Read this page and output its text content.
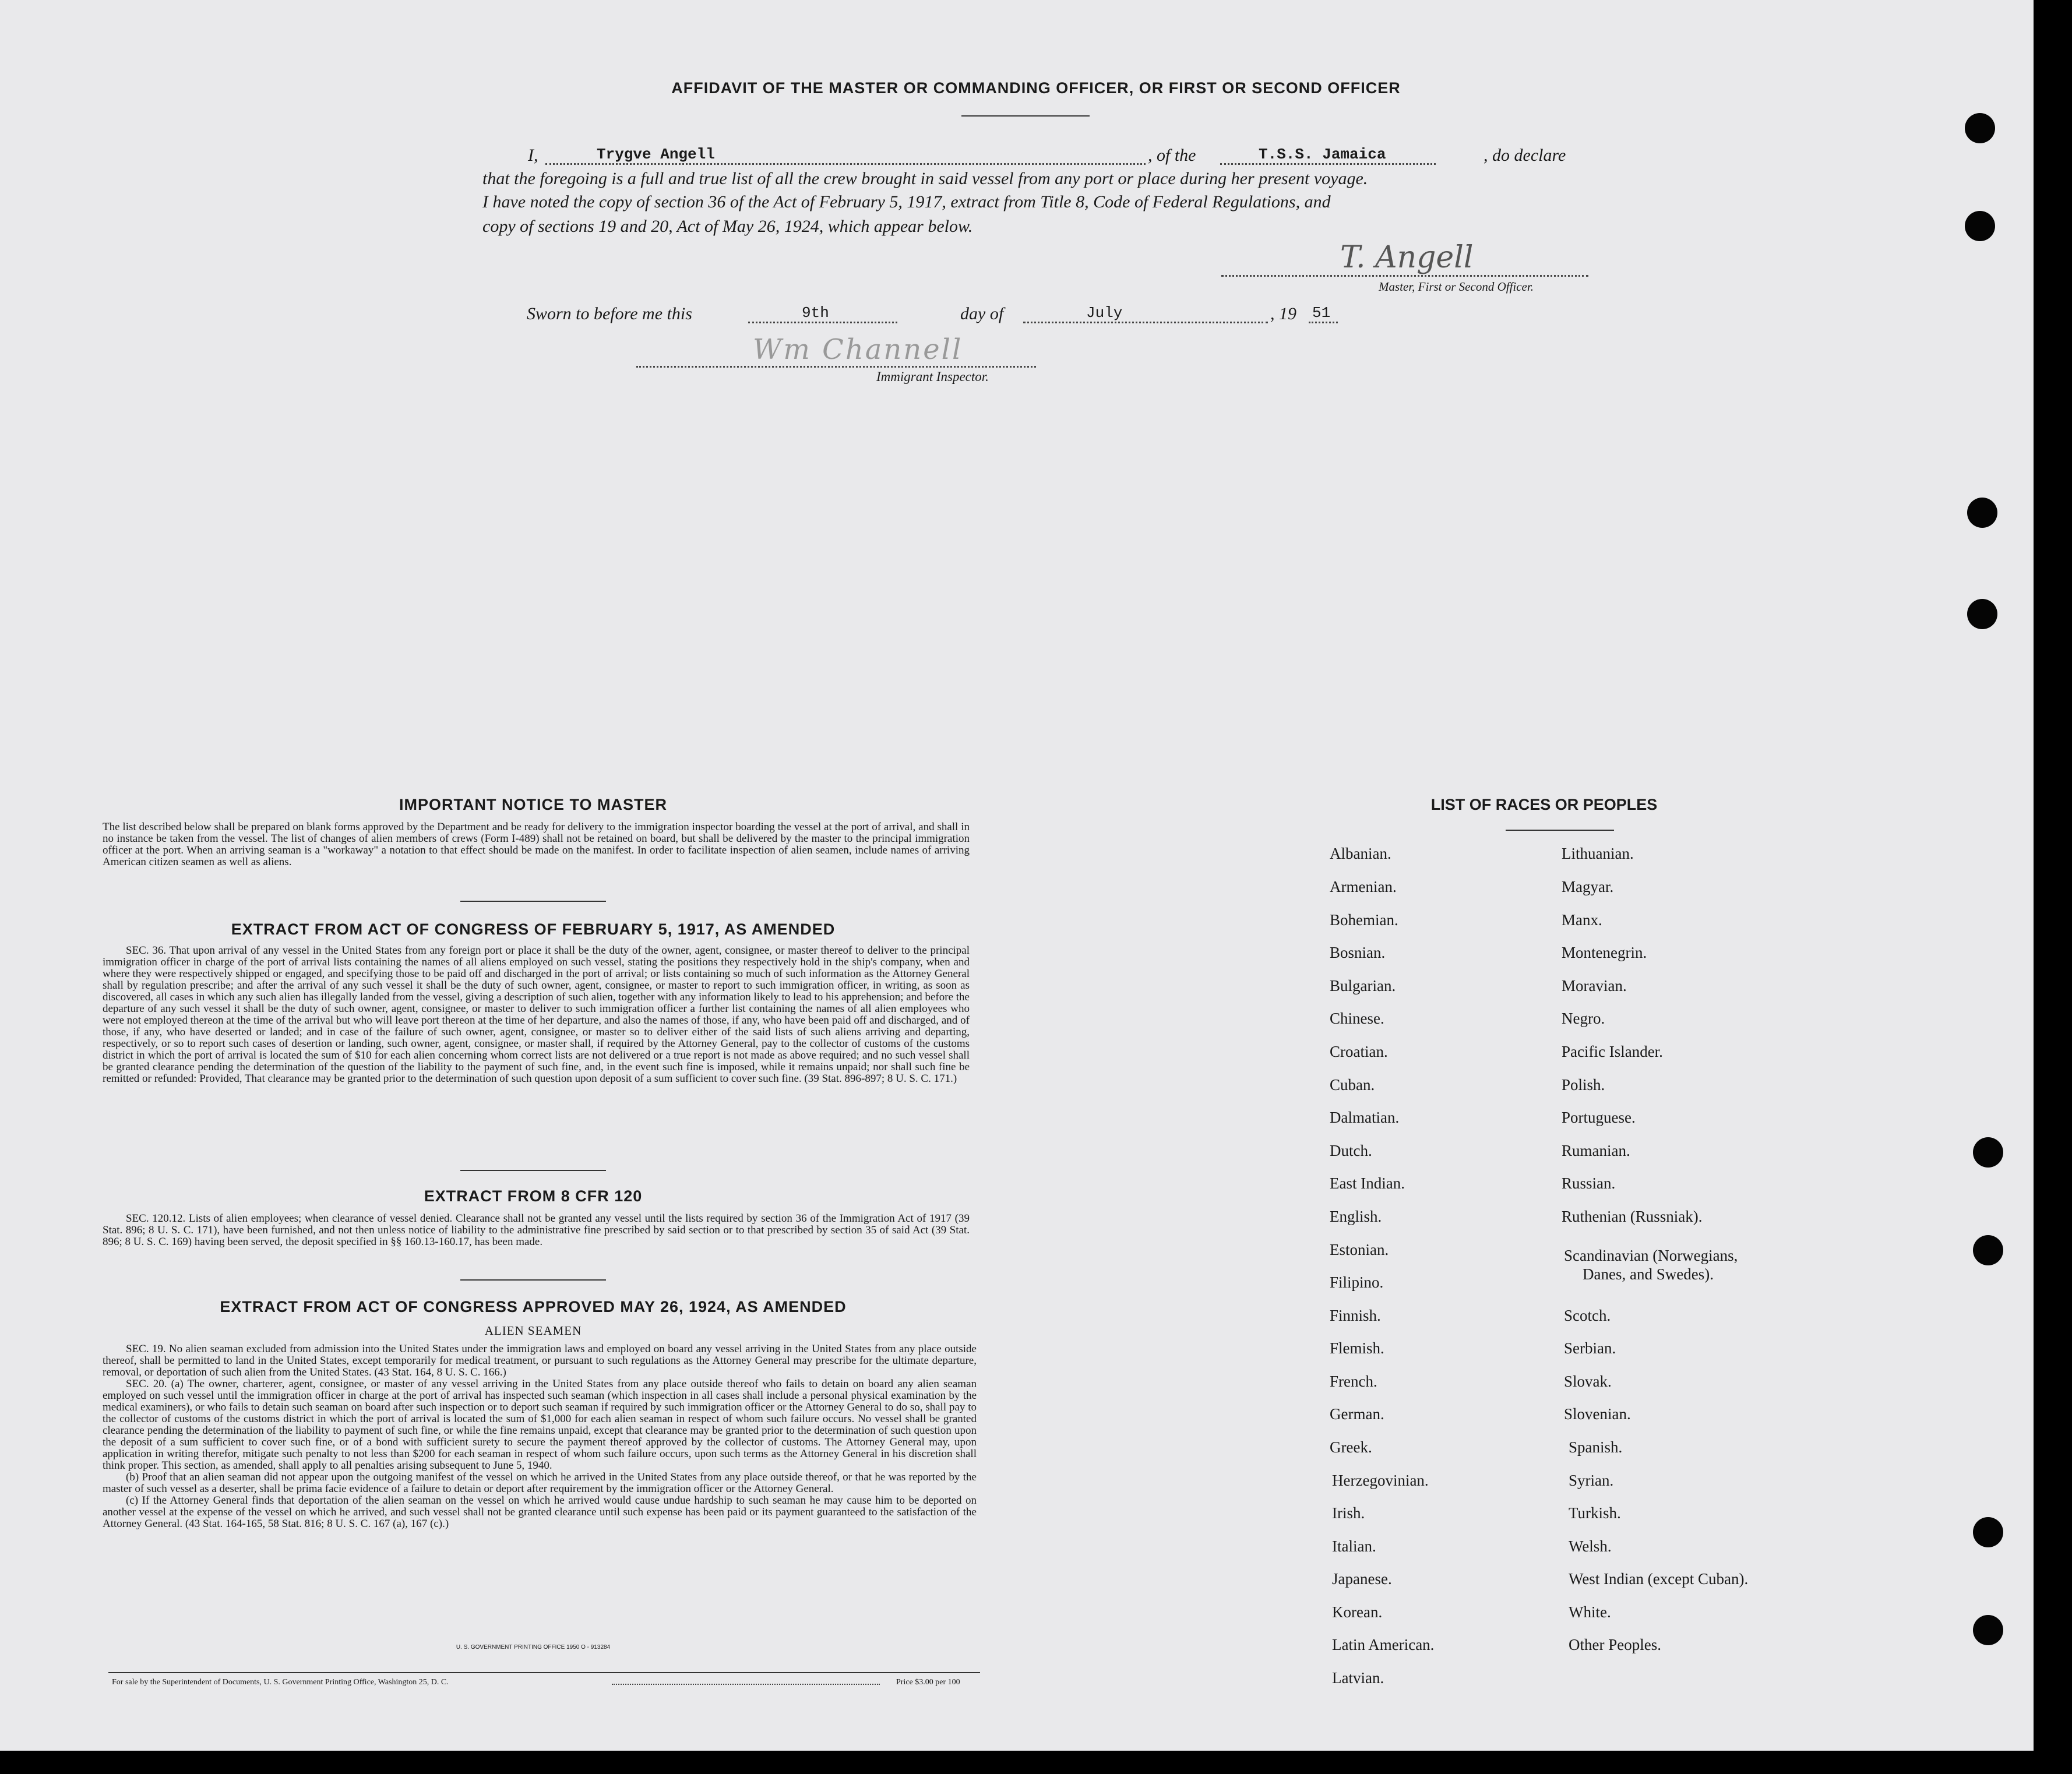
AFFIDAVIT OF THE MASTER OR COMMANDING OFFICER, OR FIRST OR SECOND OFFICER
I,	Trygve Angell	, of the	T.S.S. Jamaica	, do declare
that the foregoing is a full and true list of all the crew brought in said vessel from any port or place during her present voyage.
I have noted the copy of section 36 of the Act of February 5, 1917, extract from Title 8, Code of Federal Regulations, and
copy of sections 19 and 20, Act of May 26, 1924, which appear below.
T. Angell
Master, First or Second Officer.
Sworn to before me this	9th	day of	July	, 19 51
Wm Channell
Immigrant Inspector.
IMPORTANT NOTICE TO MASTER
The list described below shall be prepared on blank forms approved by the Department and be ready for delivery to the immigration inspector boarding the vessel at the port of arrival, and shall in no instance be taken from the vessel. The list of changes of alien members of crews (Form I-489) shall not be retained on board, but shall be delivered by the master to the principal immigration officer at the port. When an arriving seaman is a "workaway" a notation to that effect should be made on the manifest. In order to facilitate inspection of alien seamen, include names of arriving American citizen seamen as well as aliens.
EXTRACT FROM ACT OF CONGRESS OF FEBRUARY 5, 1917, AS AMENDED
SEC. 36. That upon arrival of any vessel in the United States from any foreign port or place it shall be the duty of the owner, agent, consignee, or master thereof to deliver to the principal immigration officer in charge of the port of arrival lists containing the names of all aliens employed on such vessel, stating the positions they respectively hold in the ship's company, when and where they were respectively shipped or engaged, and specifying those to be paid off and discharged in the port of arrival; or lists containing so much of such information as the Attorney General shall by regulation prescribe; and after the arrival of any such vessel it shall be the duty of such owner, agent, consignee, or master to report to such immigration officer, in writing, as soon as discovered, all cases in which any such alien has illegally landed from the vessel, giving a description of such alien, together with any information likely to lead to his apprehension; and before the departure of any such vessel it shall be the duty of such owner, agent, consignee, or master to deliver to such immigration officer a further list containing the names of all alien employees who were not employed thereon at the time of the arrival but who will leave port thereon at the time of her departure, and also the names of those, if any, who have been paid off and discharged, and of those, if any, who have deserted or landed; and in case of the failure of such owner, agent, consignee, or master so to deliver either of the said lists of such aliens arriving and departing, respectively, or so to report such cases of desertion or landing, such owner, agent, consignee, or master shall, if required by the Attorney General, pay to the collector of customs of the customs district in which the port of arrival is located the sum of $10 for each alien concerning whom correct lists are not delivered or a true report is not made as above required; and no such vessel shall be granted clearance pending the determination of the question of the liability to the payment of such fine, and, in the event such fine is imposed, while it remains unpaid; nor shall such fine be remitted or refunded: Provided, That clearance may be granted prior to the determination of such question upon deposit of a sum sufficient to cover such fine. (39 Stat. 896-897; 8 U. S. C. 171.)
EXTRACT FROM 8 CFR 120
SEC. 120.12. Lists of alien employees; when clearance of vessel denied. Clearance shall not be granted any vessel until the lists required by section 36 of the Immigration Act of 1917 (39 Stat. 896; 8 U. S. C. 171), have been furnished, and not then unless notice of liability to the administrative fine prescribed by said section or to that prescribed by section 35 of said Act (39 Stat. 896; 8 U. S. C. 169) having been served, the deposit specified in §§ 160.13-160.17, has been made.
EXTRACT FROM ACT OF CONGRESS APPROVED MAY 26, 1924, AS AMENDED
ALIEN SEAMEN
SEC. 19. No alien seaman excluded from admission into the United States under the immigration laws and employed on board any vessel arriving in the United States from any place outside thereof, shall be permitted to land in the United States, except temporarily for medical treatment, or pursuant to such regulations as the Attorney General may prescribe for the ultimate departure, removal, or deportation of such alien from the United States. (43 Stat. 164, 8 U. S. C. 166.)
SEC. 20. (a) The owner, charterer, agent, consignee, or master of any vessel arriving in the United States from any place outside thereof who fails to detain on board any alien seaman employed on such vessel until the immigration officer in charge at the port of arrival has inspected such seaman (which inspection in all cases shall include a personal physical examination by the medical examiners), or who fails to detain such seaman on board after such inspection or to deport such seaman if required by such immigration officer or the Attorney General to do so, shall pay to the collector of customs of the customs district in which the port of arrival is located the sum of $1,000 for each alien seaman in respect of whom such failure occurs. No vessel shall be granted clearance pending the determination of the liability to payment of such fine, or while the fine remains unpaid, except that clearance may be granted prior to the determination of such question upon the deposit of a sum sufficient to cover such fine, or of a bond with sufficient surety to secure the payment thereof approved by the collector of customs. The Attorney General may, upon application in writing therefor, mitigate such penalty to not less than $200 for each seaman in respect of whom such failure occurs, upon such terms as the Attorney General in his discretion shall think proper. This section, as amended, shall apply to all penalties arising subsequent to June 5, 1940.
(b) Proof that an alien seaman did not appear upon the outgoing manifest of the vessel on which he arrived in the United States from any place outside thereof, or that he was reported by the master of such vessel as a deserter, shall be prima facie evidence of a failure to detain or deport after requirement by the immigration officer or the Attorney General.
(c) If the Attorney General finds that deportation of the alien seaman on the vessel on which he arrived would cause undue hardship to such seaman he may cause him to be deported on another vessel at the expense of the vessel on which he arrived, and such vessel shall not be granted clearance until such expense has been paid or its payment guaranteed to the satisfaction of the Attorney General. (43 Stat. 164-165, 58 Stat. 816; 8 U. S. C. 167 (a), 167 (c).)
U. S. GOVERNMENT PRINTING OFFICE 1950 O - 913284
For sale by the Superintendent of Documents, U. S. Government Printing Office, Washington 25, D. C.	Price $3.00 per 100
LIST OF RACES OR PEOPLES
Albanian.
Armenian.
Bohemian.
Bosnian.
Bulgarian.
Chinese.
Croatian.
Cuban.
Dalmatian.
Dutch.
East Indian.
English.
Estonian.
Filipino.
Finnish.
Flemish.
French.
German.
Greek.
Herzegovinian.
Irish.
Italian.
Japanese.
Korean.
Latin American.
Latvian.
Lithuanian.
Magyar.
Manx.
Montenegrin.
Moravian.
Negro.
Pacific Islander.
Polish.
Portuguese.
Rumanian.
Russian.
Ruthenian (Russniak).
Scandinavian (Norwegians,
Danes, and Swedes).
Scotch.
Serbian.
Slovak.
Slovenian.
Spanish.
Syrian.
Turkish.
Welsh.
West Indian (except Cuban).
White.
Other Peoples.
